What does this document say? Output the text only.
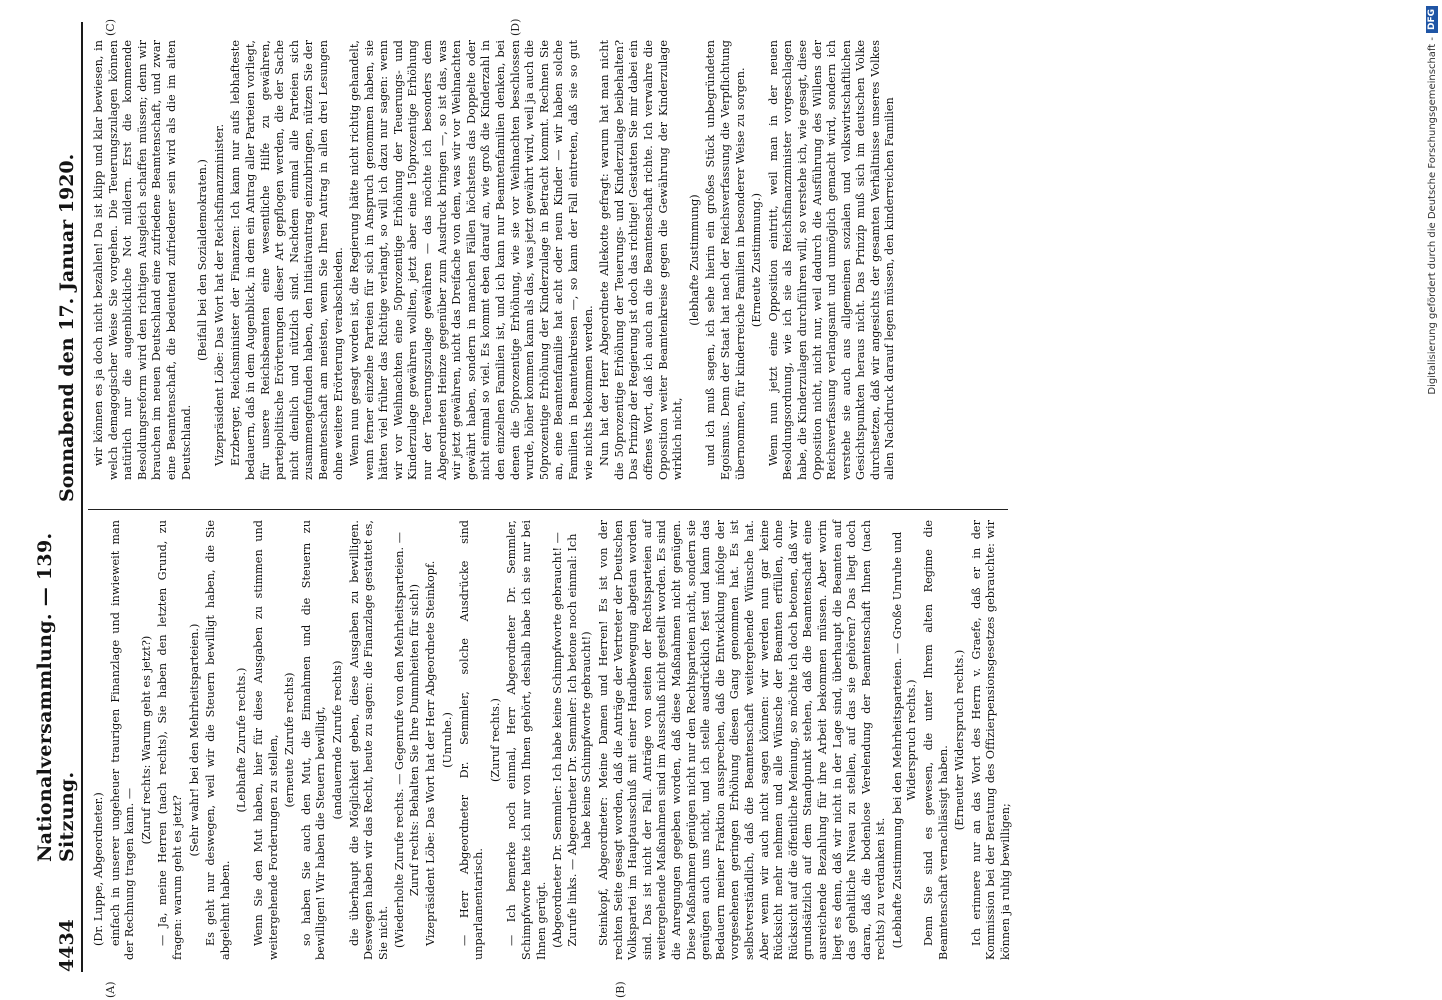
4434
Nationalversammlung. — 139. Sitzung.
Sonnabend den 17. Januar 1920.
(A)	(B)
(C)	(D)

(Dr. Luppe, Abgeordneter.) einfach in unserer ungeheuer traurigen Finanzlage und inwieweit man der Rechnung tragen kann. —

(Zuruf rechts: Warum geht es jetzt?) — Ja, meine Herren (nach rechts), Sie haben den letzten Grund, zu fragen: warum geht es jetzt?

(Sehr wahr! bei den Mehrheitsparteien.) Es geht nur deswegen, weil wir die Steuern bewilligt haben, die Sie abgelehnt haben.

(Lebhafte Zurufe rechts.) Wenn Sie den Mut haben, hier für diese Ausgaben zu stimmen und weitergehende Forderungen zu stellen, (erneute Zurufe rechts) so haben Sie auch den Mut, die Einnahmen und die Steuern zu bewilligen! Wir haben die Steuern bewilligt, (andauernde Zurufe rechts) die überhaupt die Möglichkeit geben, diese Ausgaben zu bewilligen. Deswegen haben wir das Recht, heute zu sagen: die Finanzlage gestattet es, Sie nicht. (Wiederholte Zurufe rechts. — Gegenrufe von den Mehrheitsparteien. — Zuruf rechts: Behalten Sie Ihre Dummheiten für sich!) Vizepräsident Löbe: Das Wort hat der Herr Abgeordnete Steinkopf. (Unruhe.) — Herr Abgeordneter Dr. Semmler, solche Ausdrücke sind unparlamentarisch.

(Zuruf rechts.) — Ich bemerke noch einmal, Herr Abgeordneter Dr. Semmler, Schimpfworte hatte ich nur von Ihnen gehört, deshalb habe ich sie nur bei Ihnen gerügt. (Abgeordneter Dr. Semmler: Ich habe keine Schimpfworte gebraucht! — Zurufe links. — Abgeordneter Dr. Semmler: Ich betone noch einmal: Ich habe keine Schimpfworte gebraucht!) Steinkopf, Abgeordneter: Meine Damen und Herren! Es ist von der rechten Seite gesagt worden, daß die Anträge der Vertreter der Deutschen Volkspartei im Hauptausschuß mit einer Handbewegung abgetan worden sind. Das ist nicht der Fall. Anträge von seiten der Rechtsparteien auf weitergehende Maßnahmen sind im Ausschuß nicht gestellt worden. Es sind die Anregungen gegeben worden, daß diese Maßnahmen nicht genügen. Diese Maßnahmen genügen nicht nur den Rechtsparteien nicht, sondern sie genügen auch uns nicht, und ich stelle ausdrücklich fest und kann das Bedauern meiner Fraktion aussprechen, daß die Entwicklung infolge der vorgesehenen geringen Erhöhung diesen Gang genommen hat. Es ist selbstverständlich, daß die Beamtenschaft weitergehende Wünsche hat. Aber wenn wir auch nicht sagen können: wir werden nun gar keine Rücksicht mehr nehmen und alle Wünsche der Beamten erfüllen, ohne Rücksicht auf die öffentliche Meinung, so möchte ich doch betonen, daß wir grundsätzlich auf dem Standpunkt stehen, daß die Beamtenschaft eine ausreichende Bezahlung für ihre Arbeit bekommen müssen. Aber worin liegt es denn, daß wir nicht in der Lage sind, überhaupt die Beamten auf das gehaltliche Niveau zu stellen, auf das sie gehören? Das liegt doch daran, daß die bodenlose Verelendung der Beamtenschaft Ihnen (nach rechts) zu verdanken ist. (Lebhafte Zustimmung bei den Mehrheitsparteien. — Große Unruhe und Widerspruch rechts.) Denn Sie sind es gewesen, die unter Ihrem alten Regime die Beamtenschaft vernachlässigt haben.

(Erneuter Widerspruch rechts.) Ich erinnere nur an das Wort des Herrn v. Graefe, daß er in der Kommission bei der Beratung des Offizierpensionsgesetzes gebrauchte: wir können ja ruhig bewilligen;

wir können es ja doch nicht bezahlen! Da ist klipp und klar bewiesen, in welch demagogischer Weise Sie vorgehen. Die Teuerungszulagen können natürlich nur die augenblickliche Not mildern. Erst die kommende Besoldungsreform wird den richtigen Ausgleich schaffen müssen; denn wir brauchen im neuen Deutschland eine zufriedene Beamtenschaft, und zwar eine Beamtenschaft, die bedeutend zufriedener sein wird als die im alten Deutschland.

(Beifall bei den Sozialdemokraten.) Vizepräsident Löbe: Das Wort hat der Reichsfinanzminister. Erzberger, Reichsminister der Finanzen: Ich kann nur aufs lebhafteste bedauern, daß in dem Augenblick, in dem ein Antrag aller Parteien vorliegt, für unsere Reichsbeamten eine wesentliche Hilfe zu gewähren, parteipolitische Erörterungen dieser Art gepflogen werden, die der Sache nicht dienlich und nützlich sind. Nachdem einmal alle Parteien sich zusammengefunden haben, den Initiativantrag einzubringen, nützen Sie der Beamtenschaft am meisten, wenn Sie Ihren Antrag in allen drei Lesungen ohne weitere Erörterung verabschieden. Wenn nun gesagt worden ist, die Regierung hätte nicht richtig gehandelt, wenn ferner einzelne Parteien für sich in Anspruch genommen haben, sie hätten viel früher das Richtige verlangt, so will ich dazu nur sagen: wenn wir vor Weihnachten eine 50prozentige Erhöhung der Teuerungs- und Kinderzulage gewähren wollten, jetzt aber eine 150prozentige Erhöhung nur der Teuerungszulage gewähren — das möchte ich besonders dem Abgeordneten Heinze gegenüber zum Ausdruck bringen —, so ist das, was wir jetzt gewähren, nicht das Dreifache von dem, was wir vor Weihnachten gewährt haben, sondern in manchen Fällen höchstens das Doppelte oder nicht einmal so viel. Es kommt eben darauf an, wie groß die Kinderzahl in den einzelnen Familien ist, und ich kann nur Beamtenfamilien denken, bei denen die 50prozentige Erhöhung, wie sie vor Weihnachten beschlossen wurde, höher kommen kann als das, was jetzt gewährt wird, weil ja auch die 50prozentige Erhöhung der Kinderzulage in Betracht kommt. Rechnen Sie an, eine Beamtenfamilie hat acht oder neun Kinder — wir haben solche Familien in Beamtenkreisen —, so kann der Fall eintreten, daß sie so gut wie nichts bekommen werden. Nun hat der Herr Abgeordnete Allekotte gefragt: warum hat man nicht die 50prozentige Erhöhung der Teuerungs- und Kinderzulage beibehalten? Das Prinzip der Regierung ist doch das richtige! Gestatten Sie mir dabei ein offenes Wort, daß ich auch an die Beamtenschaft richte. Ich verwahre die Opposition weiter Beamtenkreise gegen die Gewährung der Kinderzulage wirklich nicht,

(lebhafte Zustimmung) und ich muß sagen, ich sehe hierin ein großes Stück unbegründeten Egoismus. Denn der Staat hat nach der Reichsverfassung die Verpflichtung übernommen, für kinderreiche Familien in besonderer Weise zu sorgen. (Erneute Zustimmung.) Wenn nun jetzt eine Opposition eintritt, weil man in der neuen Besoldungsordnung, wie ich sie als Reichsfinanzminister vorgeschlagen habe, die Kinderzulagen durchführen will, so verstehe ich, wie gesagt, diese Opposition nicht, nicht nur, weil dadurch die Ausführung des Willens der Reichsverfassung verlangsamt und unmöglich gemacht wird, sondern ich verstehe sie auch aus allgemeinen sozialen und volkswirtschaftlichen Gesichtspunkten heraus nicht. Das Prinzip muß sich im deutschen Volke durchsetzen, daß wir angesichts der gesamten Verhältnisse unseres Volkes allen Nachdruck darauf legen müssen, den kinderreichen Familien	Digitalisierung gefördert durch die Deutsche Forschungsgemeinschaft -
DFG
